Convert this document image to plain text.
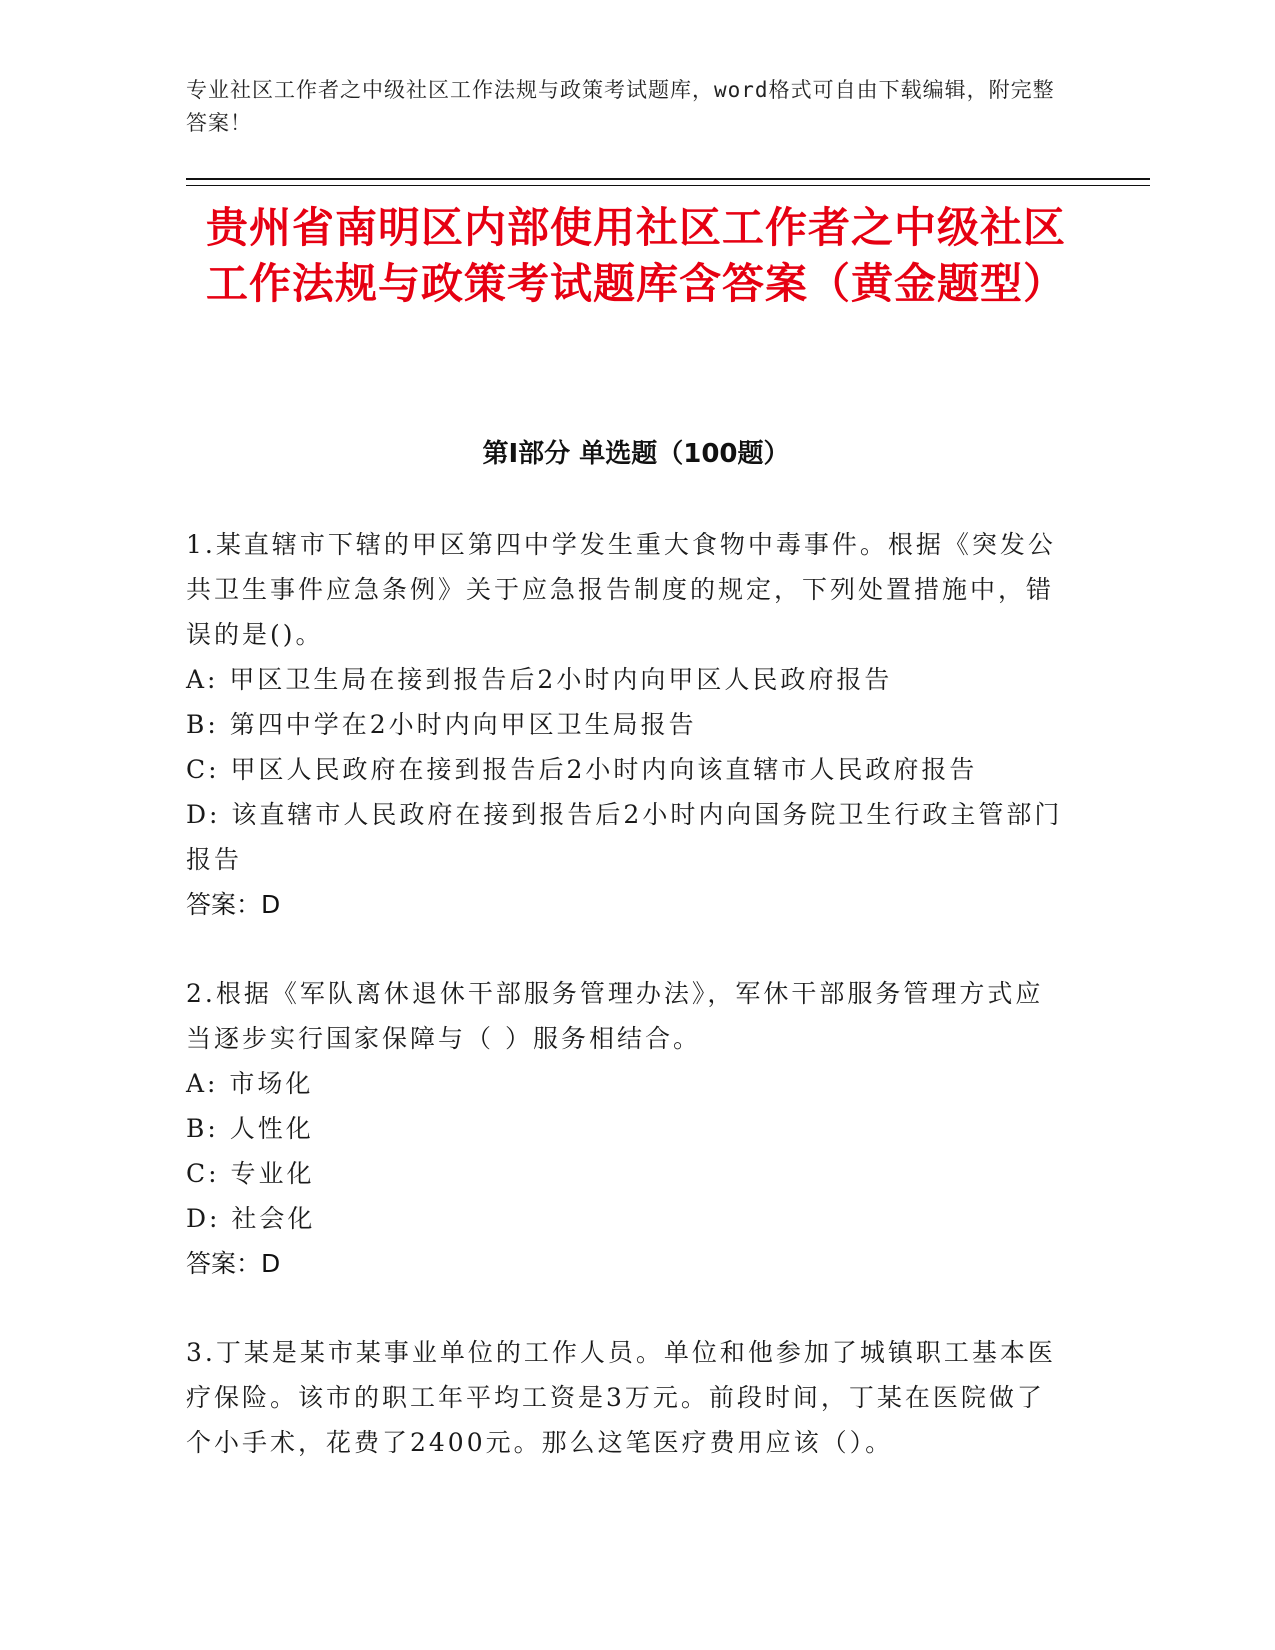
专业社区工作者之中级社区工作法规与政策考试题库，word格式可自由下载编辑，附完整答案！
贵州省南明区内部使用社区工作者之中级社区工作法规与政策考试题库含答案（黄金题型）
第I部分 单选题（100题）

1.某直辖市下辖的甲区第四中学发生重大食物中毒事件。根据《突发公共卫生事件应急条例》关于应急报告制度的规定，下列处置措施中，错误的是()。

A: 甲区卫生局在接到报告后2小时内向甲区人民政府报告

B: 第四中学在2小时内向甲区卫生局报告

C: 甲区人民政府在接到报告后2小时内向该直辖市人民政府报告

D: 该直辖市人民政府在接到报告后2小时内向国务院卫生行政主管部门报告

答案：D

2.根据《军队离休退休干部服务管理办法》，军休干部服务管理方式应当逐步实行国家保障与（ ）服务相结合。

A: 市场化

B: 人性化

C: 专业化

D: 社会化

答案：D

3.丁某是某市某事业单位的工作人员。单位和他参加了城镇职工基本医疗保险。该市的职工年平均工资是3万元。前段时间，丁某在医院做了个小手术，花费了2400元。那么这笔医疗费用应该（）。
